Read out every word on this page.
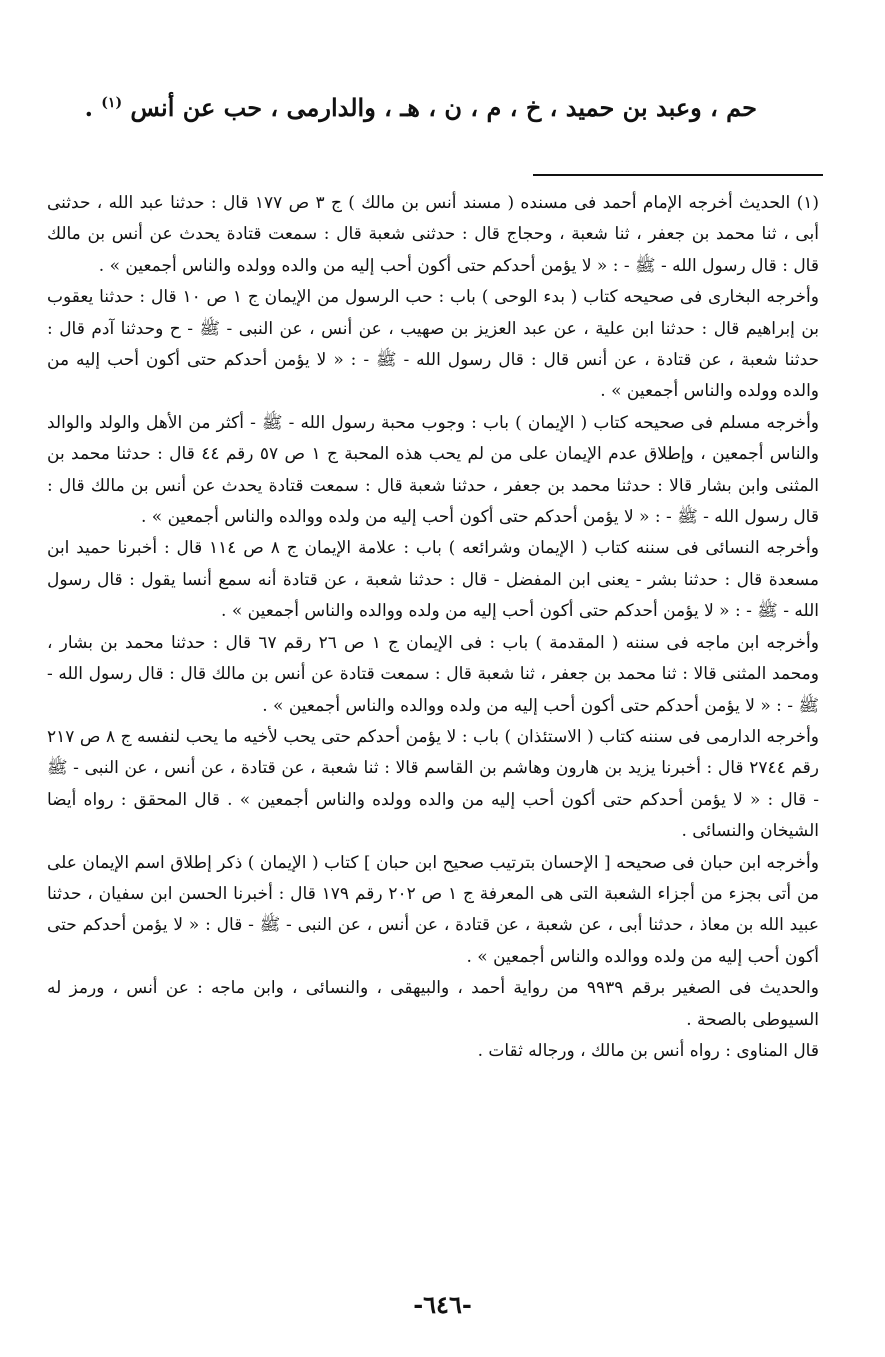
حم ، وعبد بن حميد ، خ ، م ، ن ، هـ ، والدارمى ، حب عن أنس $^{(١)}$ .

(١) الحديث أخرجه الإمام أحمد فى مسنده ( مسند أنس بن مالك ) ج ٣ ص ١٧٧ قال : حدثنا عبد الله ، حدثنى أبى ، ثنا محمد بن جعفر ، ثنا شعبة ، وحجاج قال : حدثنى شعبة قال : سمعت قتادة يحدث عن أنس بن مالك قال : قال رسول الله - ﷺ - : « لا يؤمن أحدكم حتى أكون أحب إليه من والده وولده والناس أجمعين » .

وأخرجه البخارى فى صحيحه كتاب ( بدء الوحى ) باب : حب الرسول من الإيمان ج ١ ص ١٠ قال : حدثنا يعقوب بن إبراهيم قال : حدثنا ابن علية ، عن عبد العزيز بن صهيب ، عن أنس ، عن النبى - ﷺ - ح وحدثنا آدم قال : حدثنا شعبة ، عن قتادة ، عن أنس قال : قال رسول الله - ﷺ - : « لا يؤمن أحدكم حتى أكون أحب إليه من والده وولده والناس أجمعين » .

وأخرجه مسلم فى صحيحه كتاب ( الإيمان ) باب : وجوب محبة رسول الله - ﷺ - أكثر من الأهل والولد والوالد والناس أجمعين ، وإطلاق عدم الإيمان على من لم يحب هذه المحبة ج ١ ص ٥٧ رقم ٤٤ قال : حدثنا محمد بن المثنى وابن بشار قالا : حدثنا محمد بن جعفر ، حدثنا شعبة قال : سمعت قتادة يحدث عن أنس بن مالك قال : قال رسول الله - ﷺ - : « لا يؤمن أحدكم حتى أكون أحب إليه من ولده ووالده والناس أجمعين » .

وأخرجه النسائى فى سننه كتاب ( الإيمان وشرائعه ) باب : علامة الإيمان ج ٨ ص ١١٤ قال : أخبرنا حميد ابن مسعدة قال : حدثنا بشر - يعنى ابن المفضل - قال : حدثنا شعبة ، عن قتادة أنه سمع أنسا يقول : قال رسول الله - ﷺ - : « لا يؤمن أحدكم حتى أكون أحب إليه من ولده ووالده والناس أجمعين » .

وأخرجه ابن ماجه فى سننه ( المقدمة ) باب : فى الإيمان ج ١ ص ٢٦ رقم ٦٧ قال : حدثنا محمد بن بشار ، ومحمد المثنى قالا : ثنا محمد بن جعفر ، ثنا شعبة قال : سمعت قتادة عن أنس بن مالك قال : قال رسول الله - ﷺ - : « لا يؤمن أحدكم حتى أكون أحب إليه من ولده ووالده والناس أجمعين » .

وأخرجه الدارمى فى سننه كتاب ( الاستئذان ) باب : لا يؤمن أحدكم حتى يحب لأخيه ما يحب لنفسه ج ٨ ص ٢١٧ رقم ٢٧٤٤ قال : أخبرنا يزيد بن هارون وهاشم بن القاسم قالا : ثنا شعبة ، عن قتادة ، عن أنس ، عن النبى - ﷺ - قال : « لا يؤمن أحدكم حتى أكون أحب إليه من والده وولده والناس أجمعين » . قال المحقق : رواه أيضا الشيخان والنسائى .

وأخرجه ابن حبان فى صحيحه [ الإحسان بترتيب صحيح ابن حبان ] كتاب ( الإيمان ) ذكر إطلاق اسم الإيمان على من أتى بجزء من أجزاء الشعبة التى هى المعرفة ج ١ ص ٢٠٢ رقم ١٧٩ قال : أخبرنا الحسن ابن سفيان ، حدثنا عبيد الله بن معاذ ، حدثنا أبى ، عن شعبة ، عن قتادة ، عن أنس ، عن النبى - ﷺ - قال : « لا يؤمن أحدكم حتى أكون أحب إليه من ولده ووالده والناس أجمعين » .

والحديث فى الصغير برقم ٩٩٣٩ من رواية أحمد ، والبيهقى ، والنسائى ، وابن ماجه : عن أنس ، ورمز له السيوطى بالصحة .

قال المناوى : رواه أنس بن مالك ، ورجاله ثقات .

-٦٤٦-
